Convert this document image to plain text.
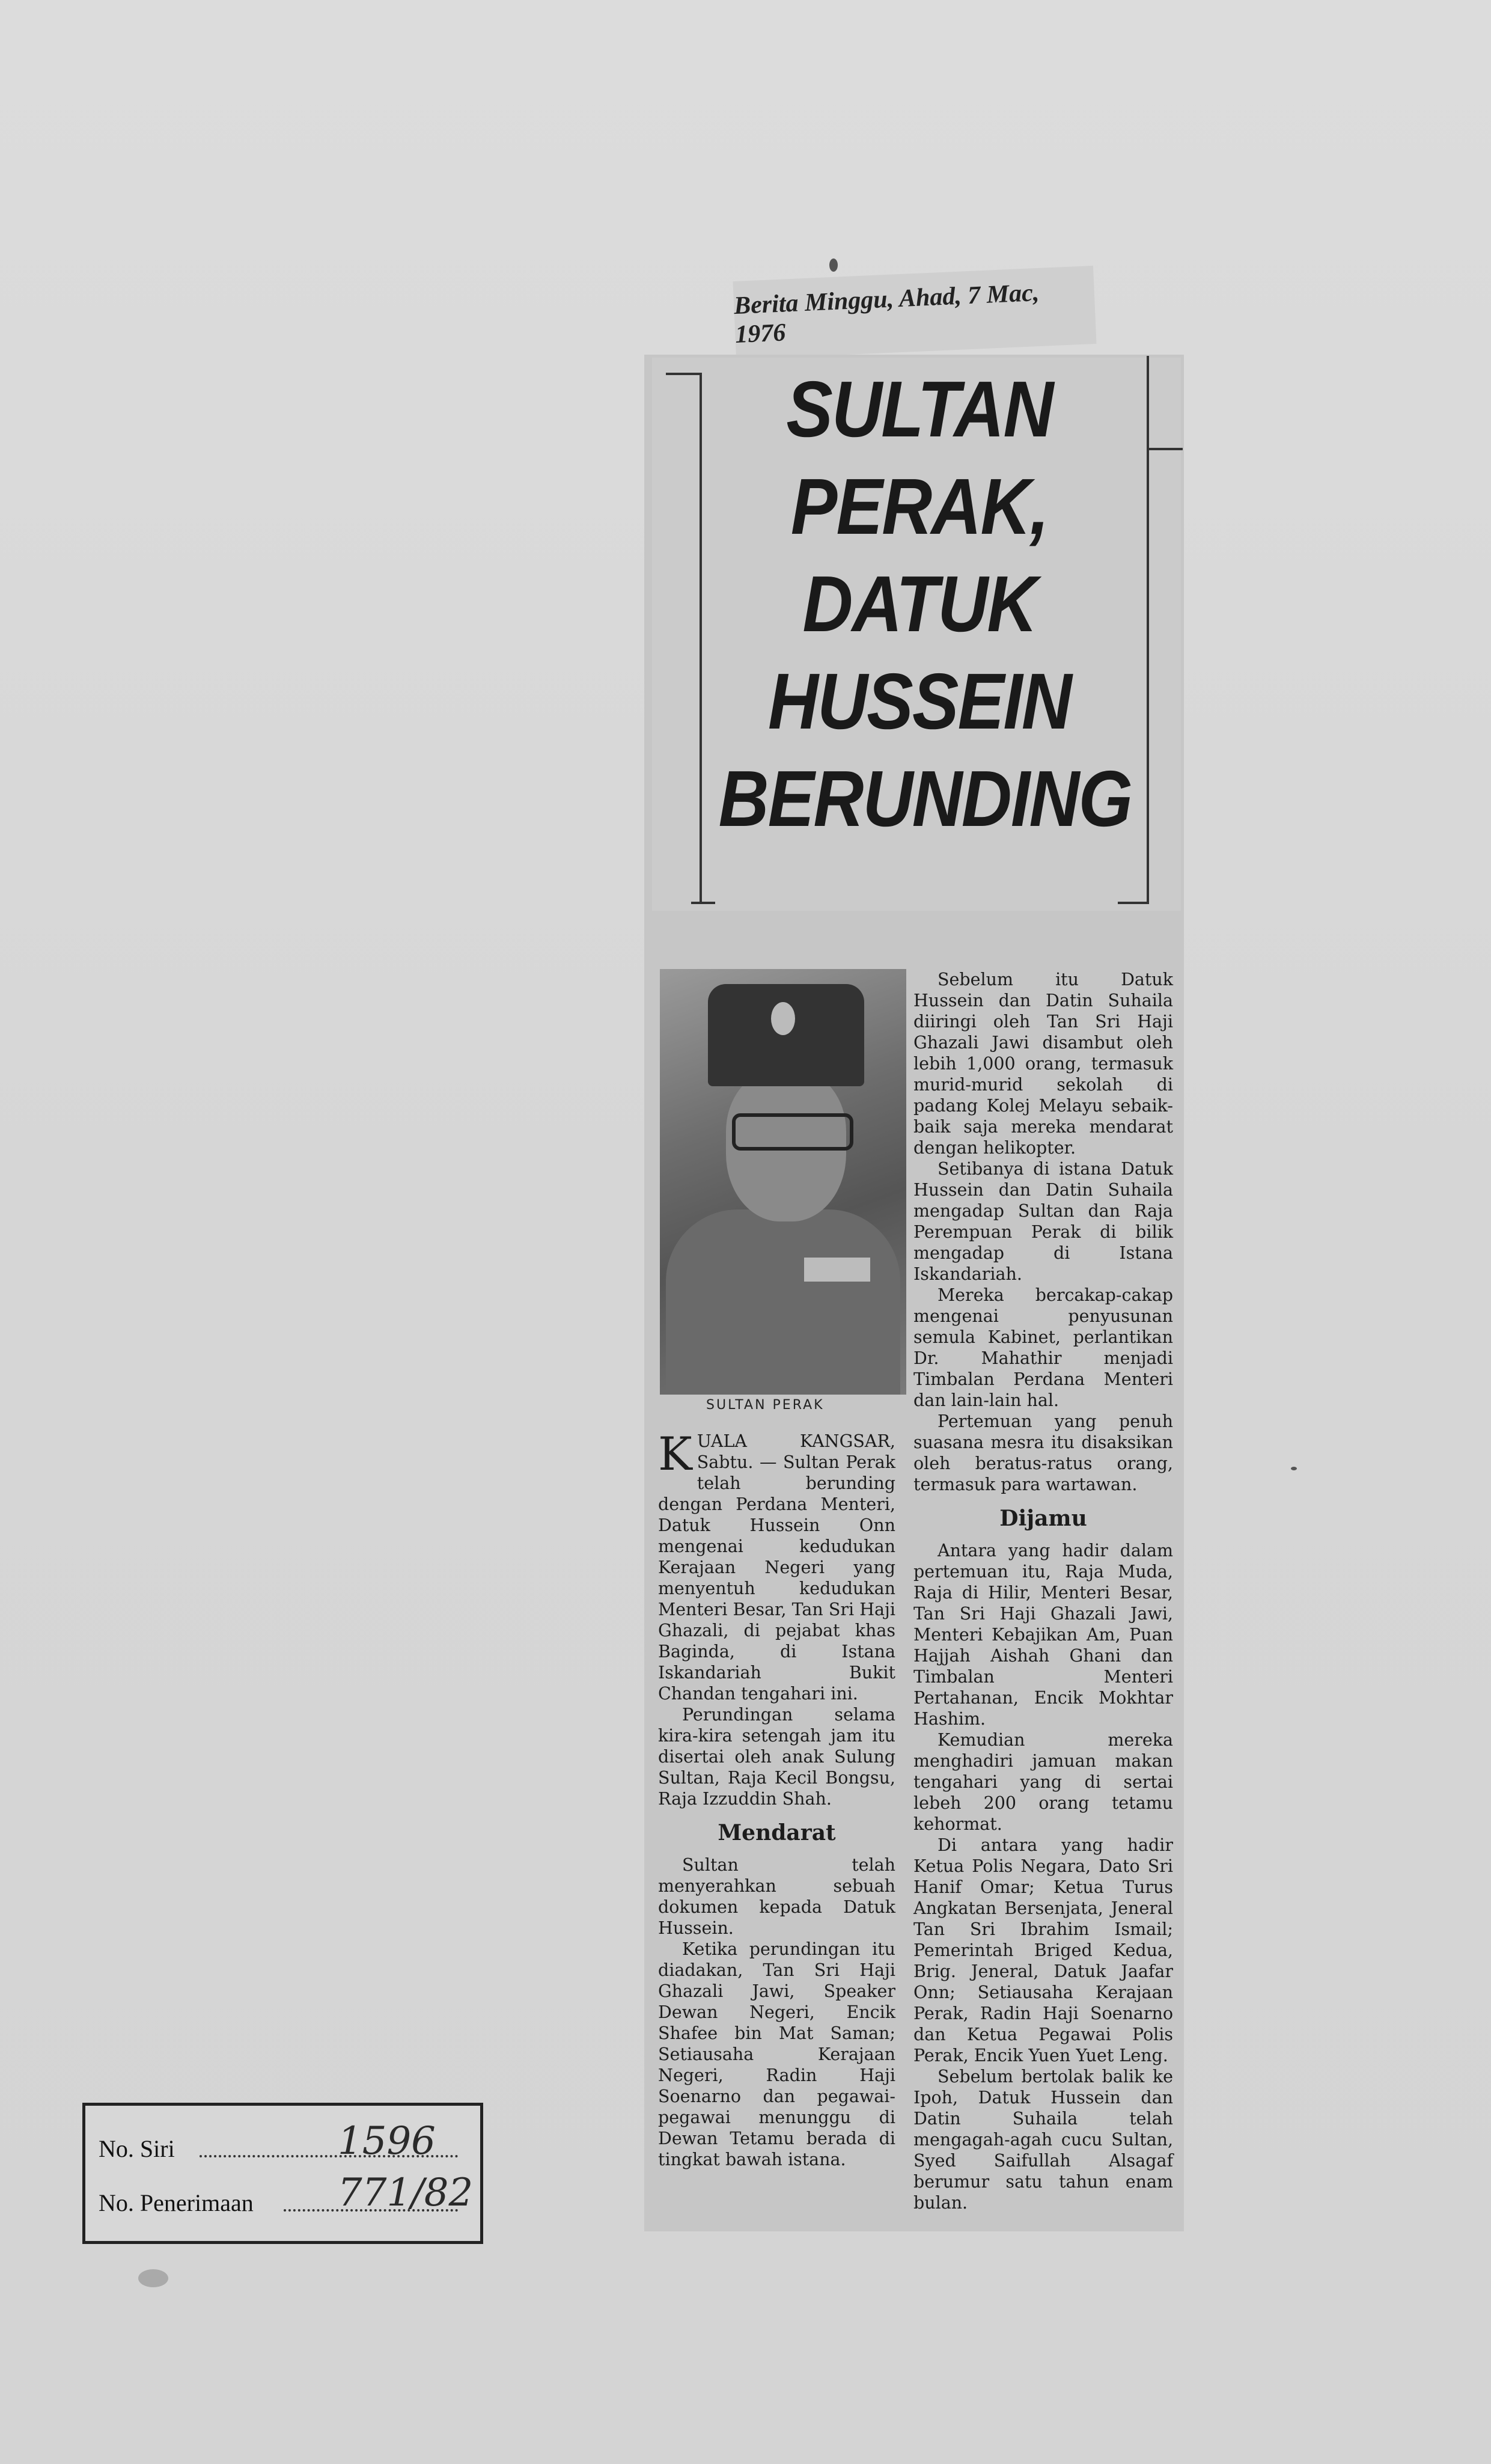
Berita Minggu, Ahad, 7 Mac, 1976
SULTAN
PERAK,
DATUK
HUSSEIN
BERUNDING
SULTAN PERAK

KUALA KANGSAR, Sabtu. — Sultan Perak telah berunding dengan Perdana Menteri, Datuk Hussein Onn mengenai kedudukan Kerajaan Negeri yang menyentuh kedudukan Menteri Besar, Tan Sri Haji Ghazali, di pejabat khas Baginda, di Istana Iskandariah Bukit Chandan tengahari ini.

Perundingan selama kira-kira setengah jam itu disertai oleh anak Sulung Sultan, Raja Kecil Bongsu, Raja Izzuddin Shah.

Mendarat

Sultan telah menyerahkan sebuah dokumen kepada Datuk Hussein.

Ketika perundingan itu diadakan, Tan Sri Haji Ghazali Jawi, Speaker Dewan Negeri, Encik Shafee bin Mat Saman; Setiausaha Kerajaan Negeri, Radin Haji Soenarno dan pegawai-pegawai menunggu di Dewan Tetamu berada di tingkat bawah istana.

Sebelum itu Datuk Hussein dan Datin Suhaila diiringi oleh Tan Sri Haji Ghazali Jawi disambut oleh lebih 1,000 orang, termasuk murid-murid sekolah di padang Kolej Melayu sebaik-baik saja mereka mendarat dengan helikopter.

Setibanya di istana Datuk Hussein dan Datin Suhaila mengadap Sultan dan Raja Perempuan Perak di bilik mengadap di Istana Iskandariah.

Mereka bercakap-cakap mengenai penyusunan semula Kabinet, perlantikan Dr. Mahathir menjadi Timbalan Perdana Menteri dan lain-lain hal.

Pertemuan yang penuh suasana mesra itu disaksikan oleh beratus-ratus orang, termasuk para wartawan.

Dijamu

Antara yang hadir dalam pertemuan itu, Raja Muda, Raja di Hilir, Menteri Besar, Tan Sri Haji Ghazali Jawi, Menteri Kebajikan Am, Puan Hajjah Aishah Ghani dan Timbalan Menteri Pertahanan, Encik Mokhtar Hashim.

Kemudian mereka menghadiri jamuan makan tengahari yang di sertai lebeh 200 orang tetamu kehormat.

Di antara yang hadir Ketua Polis Negara, Dato Sri Hanif Omar; Ketua Turus Angkatan Bersenjata, Jeneral Tan Sri Ibrahim Ismail; Pemerintah Briged Kedua, Brig. Jeneral, Datuk Jaafar Onn; Setiausaha Kerajaan Perak, Radin Haji Soenarno dan Ketua Pegawai Polis Perak, Encik Yuen Yuet Leng.

Sebelum bertolak balik ke Ipoh, Datuk Hussein dan Datin Suhaila telah mengagah-agah cucu Sultan, Syed Saifullah Alsagaf berumur satu tahun enam bulan.

No. Siri	1596
No. Penerimaan 771/82
